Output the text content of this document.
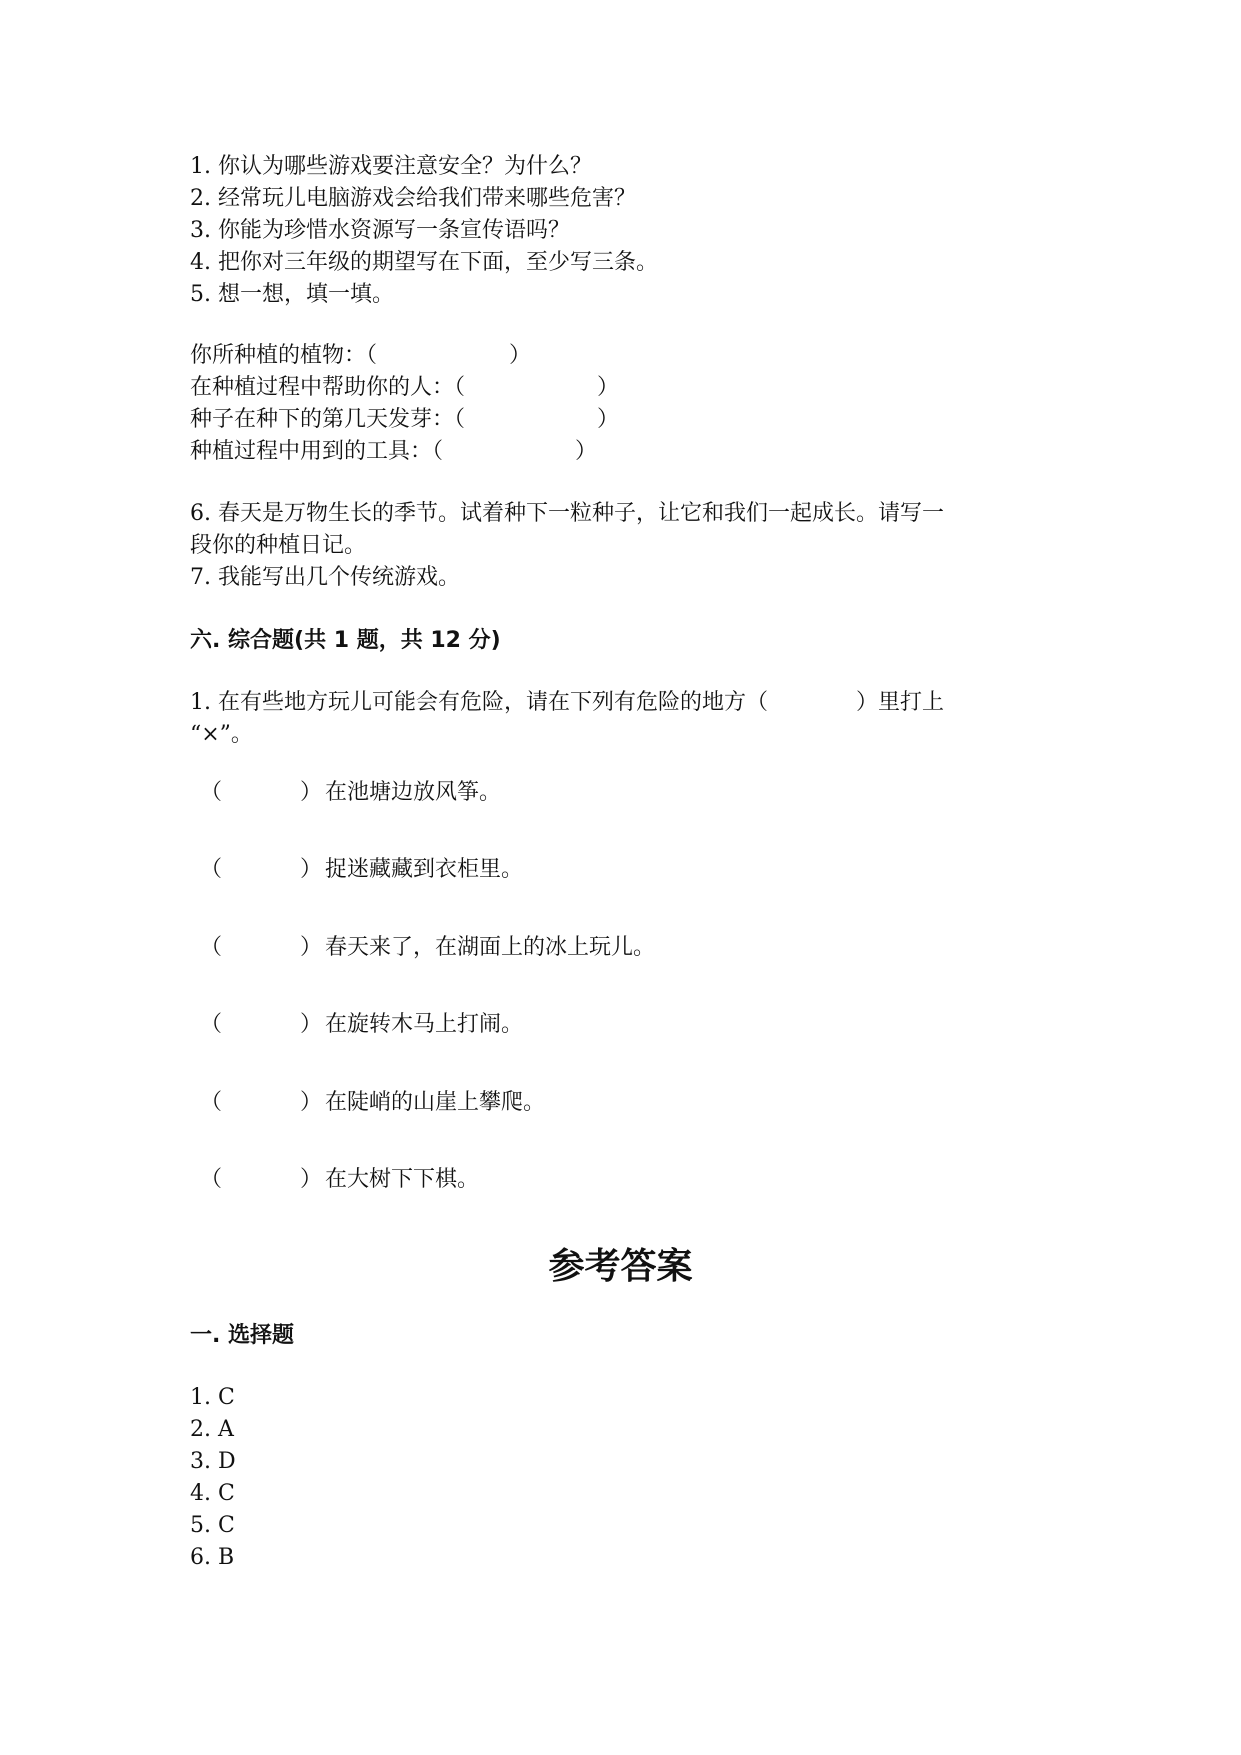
1. 你认为哪些游戏要注意安全？为什么？
2. 经常玩儿电脑游戏会给我们带来哪些危害？
3. 你能为珍惜水资源写一条宣传语吗？
4. 把你对三年级的期望写在下面，至少写三条。
5. 想一想，填一填。
你所种植的植物：（　　　　　　）
在种植过程中帮助你的人：（　　　　　　）
种子在种下的第几天发芽：（　　　　　　）
种植过程中用到的工具：（　　　　　　）
6. 春天是万物生长的季节。试着种下一粒种子，让它和我们一起成长。请写一
段你的种植日记。
7. 我能写出几个传统游戏。
六. 综合题(共 1 题，共 12 分)
1. 在有些地方玩儿可能会有危险，请在下列有危险的地方（　　　　）里打上
“×”。
（	） 在池塘边放风筝。
（	） 捉迷藏藏到衣柜里。
（	） 春天来了，在湖面上的冰上玩儿。
（	） 在旋转木马上打闹。
（	） 在陡峭的山崖上攀爬。
（	） 在大树下下棋。
参考答案
一. 选择题
1. C
2. A
3. D
4. C
5. C
6. B
